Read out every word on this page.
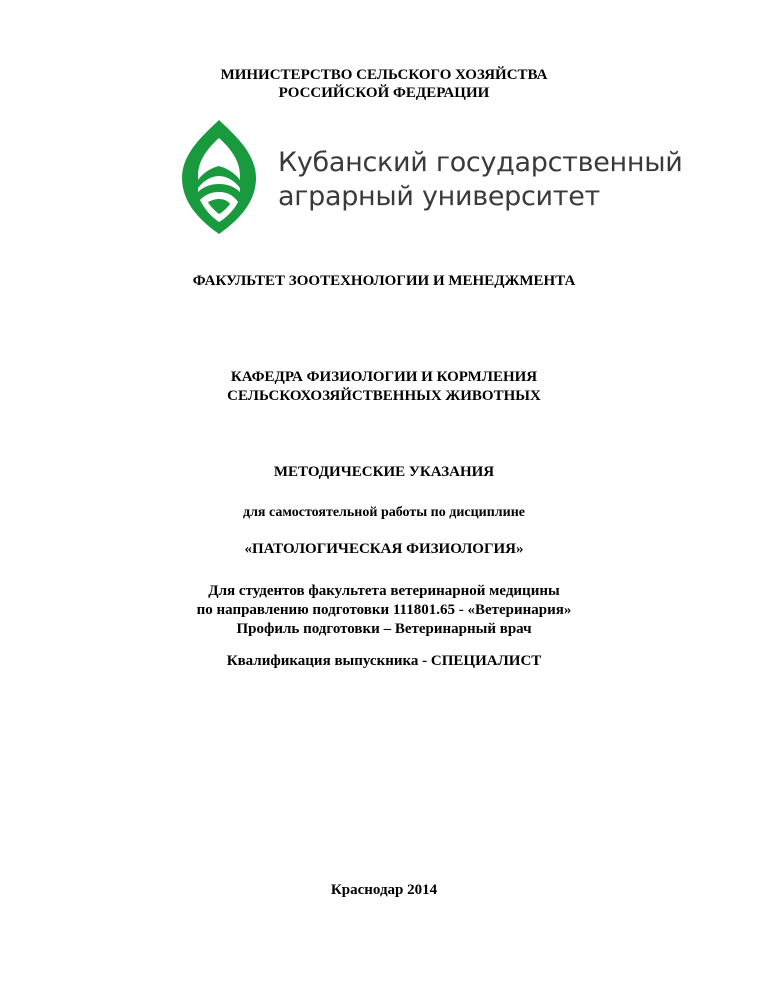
МИНИСТЕРСТВО СЕЛЬСКОГО ХОЗЯЙСТВА
РОССИЙСКОЙ ФЕДЕРАЦИИ
Кубанский государственный
аграрный университет
ФАКУЛЬТЕТ ЗООТЕХНОЛОГИИ И МЕНЕДЖМЕНТА
КАФЕДРА ФИЗИОЛОГИИ И КОРМЛЕНИЯ
СЕЛЬСКОХОЗЯЙСТВЕННЫХ ЖИВОТНЫХ
МЕТОДИЧЕСКИЕ УКАЗАНИЯ
для самостоятельной работы по дисциплине
«ПАТОЛОГИЧЕСКАЯ ФИЗИОЛОГИЯ»
Для студентов факультета ветеринарной медицины
по направлению подготовки 111801.65 - «Ветеринария»
Профиль подготовки – Ветеринарный врач
Квалификация выпускника - СПЕЦИАЛИСТ
Краснодар 2014
